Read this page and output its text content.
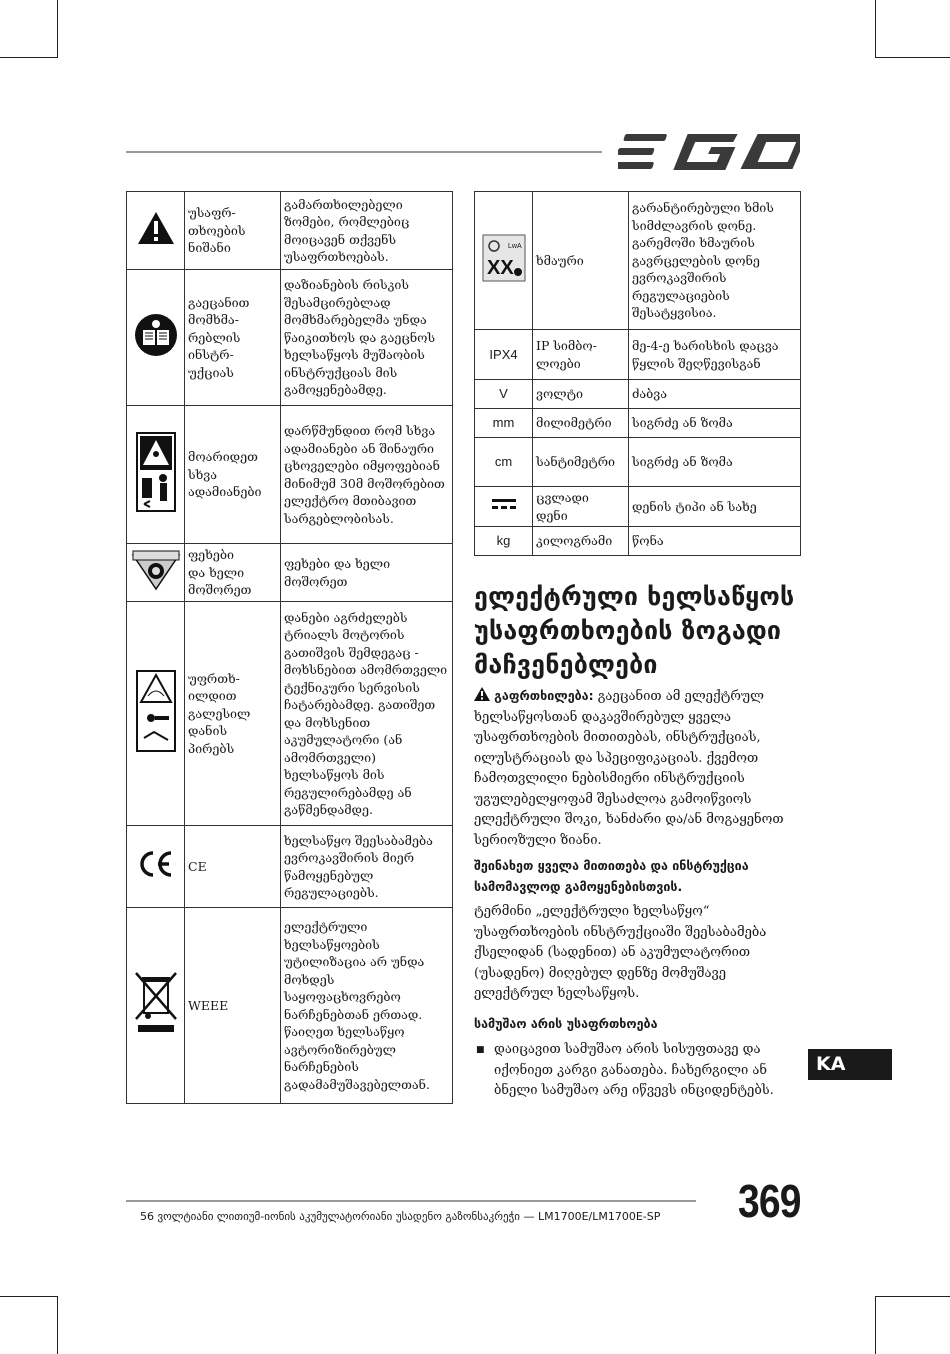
	უსაფრ-
თხოების
ნიშანი	გამართხილებელი ზომები, რომლებიც მოიცავენ თქვენს უსაფრთხოებას.
	გაეცანით
მომხმა-
რებლის
ინსტრ-
უქციას	დაზიანების რისკის შესამცირებლად მომხმარებელმა უნდა წაიკითხოს და გაეცნოს ხელსაწყოს მუშაობის ინსტრუქციას მის გამოყენებამდე.
	მოარიდეთ
სხვა
ადამიანები	დარწმუნდით რომ სხვა ადამიანები ან შინაური ცხოველები იმყოფებიან მინიმუმ 30მ მოშორებით ელექტრო მთიბავით სარგებლობისას.
	ფეხები
და ხელი
მოშორეთ	ფეხები და ხელი მოშორეთ
	უფრთხ-
ილდით
გალესილ
დანის
პირებს	დანები აგრძელებს ტრიალს მოტორის გათიშვის შემდეგაც - მოხსნებით ამომრთველი ტექნიკური სერვისის ჩატარებამდე. გათიშეთ და მოხსენით აკუმულატორი (ან ამომრთველი) ხელსაწყოს მის რეგულირებამდე ან გაწმენდამდე.
	CE	ხელსაწყო შეესაბამება ევროკავშირის მიერ წამოყენებულ რეგულაციებს.
	WEEE	ელექტრული ხელსაწყოების უტილიზაცია არ უნდა მოხდეს საყოფაცხოვრებო ნარჩენებთან ერთად. წაიღეთ ხელსაწყო ავტორიზირებულ ნარჩენების გადამამუშავებელთან.
LwA
XX	ხმაური	გარანტირებული ხმის სიმძლავრის დონე. გარემოში ხმაურის გავრცელების დონე ევროკავშირის რეგულაციების შესატყვისია.
IPX4	IP სიმბო-
ლოები	მე-4-ე ხარისხის დაცვა წყლის შეღწევისგან
V	ვოლტი	ძაბვა
mm	მილიმეტრი	სიგრძე ან ზომა
cm	სანტიმეტრი	სიგრძე ან ზომა
	ცვლადი
დენი	დენის ტიპი ან სახე
kg	კილოგრამი	წონა
ელექტრული ხელსაწყოს უსაფრთხოების ზოგადი მაჩვენებლები
გაფრთხილება: გაეცანით ამ ელექტრულ ხელსაწყოსთან დაკავშირებულ ყველა უსაფრთხოების მითითებას, ინსტრუქციას, ილუსტრაციას და სპეციფიკაციას. ქვემოთ ჩამოთვლილი ნებისმიერი ინსტრუქციის უგულებელყოფამ შესაძლოა გამოიწვიოს ელექტრული შოკი, ხანძარი და/ან მოგაყენოთ სერიოზული ზიანი.
შეინახეთ ყველა მითითება და ინსტრუქცია სამომავლოდ გამოყენებისთვის.
ტერმინი „ელექტრული ხელსაწყო“ უსაფრთხოების ინსტრუქციაში შეესაბამება ქსელიდან (სადენით) ან აკუმულატორით (უსადენო) მიღებულ დენზე მომუშავე ელექტრულ ხელსაწყოს.
სამუშაო არის უსაფრთხოება
■ დაიცავით სამუშაო არის სისუფთავე და იქონიეთ კარგი განათება. ჩახერგილი ან ბნელი სამუშაო არე იწვევს ინციდენტებს.
KA
56 ვოლტიანი ლითიუმ-იონის აკუმულატორიანი უსადენო გაზონსაკრეჭი — LM1700E/LM1700E-SP 369
